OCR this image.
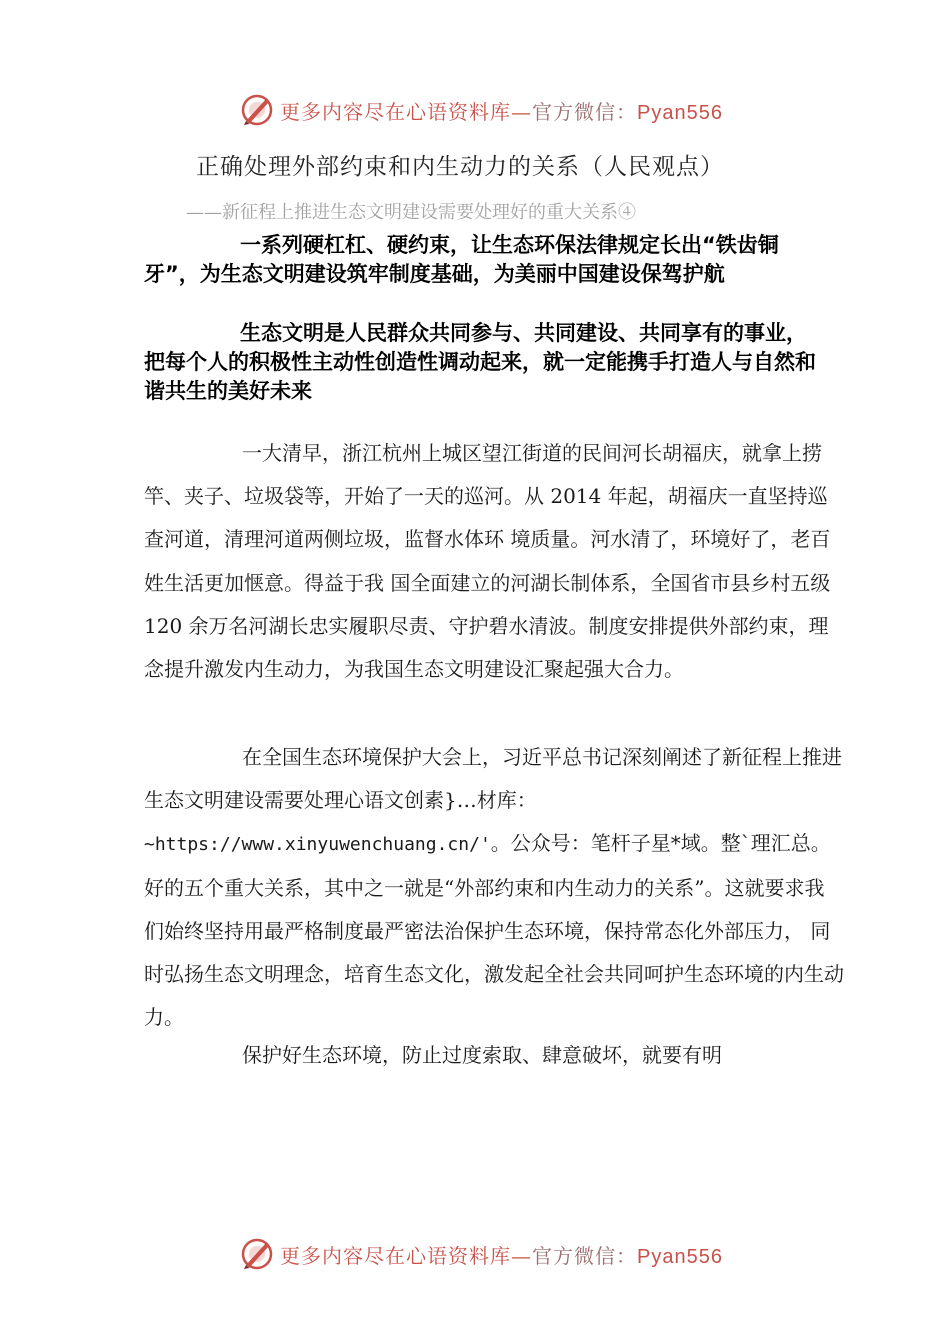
更多内容尽在心语资料库—官方微信：Pyan556
正确处理外部约束和内生动力的关系（人民观点）
——新征程上推进生态文明建设需要处理好的重大关系④

一系列硬杠杠、硬约束，让生态环保法律规定长出“铁齿铜牙”，为生态文明建设筑牢制度基础，为美丽中国建设保驾护航

生态文明是人民群众共同参与、共同建设、共同享有的事业，把每个人的积极性主动性创造性调动起来，就一定能携手打造人与自然和谐共生的美好未来

一大清早，浙江杭州上城区望江街道的民间河长胡福庆，就拿上捞竿、夹子、垃圾袋等，开始了一天的巡河。从 2014 年起，胡福庆一直坚持巡查河道，清理河道两侧垃圾，监督水体环 境质量。河水清了，环境好了，老百姓生活更加惬意。得益于我 国全面建立的河湖长制体系，全国省市县乡村五级 120 余万名河湖长忠实履职尽责、守护碧水清波。制度安排提供外部约束，理 念提升激发内生动力，为我国生态文明建设汇聚起强大合力。

在全国生态环境保护大会上，习近平总书记深刻阐述了新征程上推进生态文明建设需要处理心语文创素}…材库：~https://www.xinyuwenchuang.cn/'。公众号：笔杆子星*域。整`理汇总。好的五个重大关系，其中之一就是“外部约束和内生动力的关系”。这就要求我们始终坚持用最严格制度最严密法治保护生态环境，保持常态化外部压力， 同时弘扬生态文明理念，培育生态文化，激发起全社会共同呵护生态环境的内生动力。

保护好生态环境，防止过度索取、肆意破坏，就要有明

更多内容尽在心语资料库—官方微信：Pyan556
